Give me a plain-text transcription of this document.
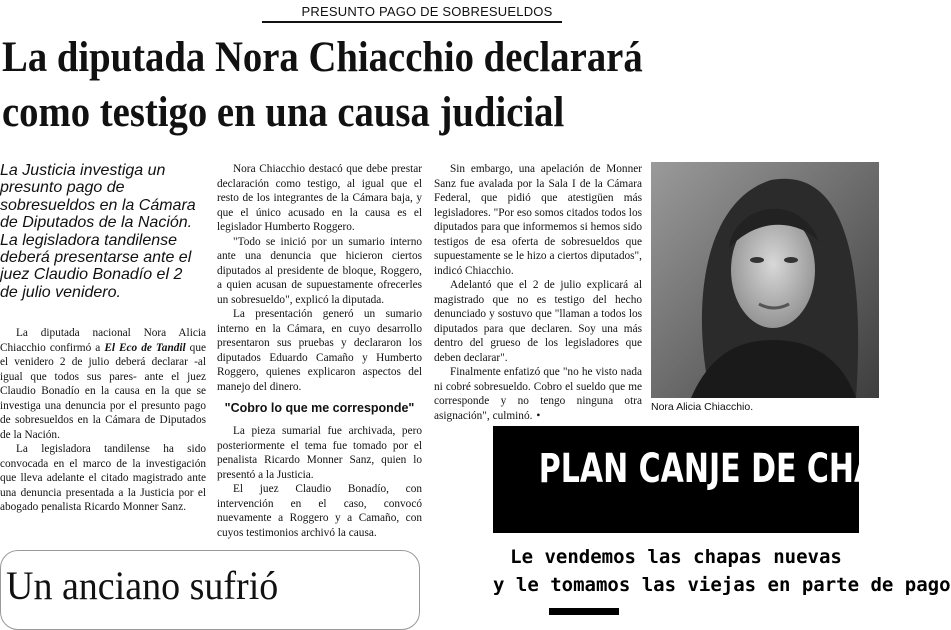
PRESUNTO PAGO DE SOBRESUELDOS
La diputada Nora Chiacchio declarará
como testigo en una causa judicial
La Justicia investiga un presunto pago de sobresueldos en la Cámara de Diputados de la Nación. La legisladora tandilense deberá presentarse ante el juez Claudio Bonadío el 2 de julio venidero.

La diputada nacional Nora Alicia Chiacchio confirmó a El Eco de Tandil que el venidero 2 de julio deberá declarar -al igual que todos sus pares- ante el juez Claudio Bonadío en la causa en la que se investiga una denuncia por el presunto pago de sobresueldos en la Cámara de Diputados de la Nación.

La legisladora tandilense ha sido convocada en el marco de la investigación que lleva adelante el citado magistrado ante una denuncia presentada a la Justicia por el abogado penalista Ricardo Monner Sanz.

Nora Chiacchio destacó que debe prestar declaración como testigo, al igual que el resto de los integrantes de la Cámara baja, y que el único acusado en la causa es el legislador Humberto Roggero.

"Todo se inició por un sumario interno ante una denuncia que hicieron ciertos diputados al presidente de bloque, Roggero, a quien acusan de supuestamente ofrecerles un sobresueldo", explicó la diputada.

La presentación generó un sumario interno en la Cámara, en cuyo desarrollo presentaron sus pruebas y declararon los diputados Eduardo Camaño y Humberto Roggero, quienes explicaron aspectos del manejo del dinero.

"Cobro lo que me corresponde"

La pieza sumarial fue archivada, pero posteriormente el tema fue tomado por el penalista Ricardo Monner Sanz, quien lo presentó a la Justicia.

El juez Claudio Bonadío, con intervención en el caso, convocó nuevamente a Roggero y a Camaño, con cuyos testimonios archivó la causa.

Sin embargo, una apelación de Monner Sanz fue avalada por la Sala I de la Cámara Federal, que pidió que atestigüen más legisladores. "Por eso somos citados todos los diputados para que informemos si hemos sido testigos de esa oferta de sobresueldos que supuestamente se le hizo a ciertos diputados", indicó Chiacchio.

Adelantó que el 2 de julio explicará al magistrado que no es testigo del hecho denunciado y sostuvo que "llaman a todos los diputados para que declaren. Soy una más dentro del grueso de los legisladores que deben declarar".

Finalmente enfatizó que "no he visto nada ni cobré sobresueldo. Cobro el sueldo que me corresponde y no tengo ninguna otra asignación", culminó. •

Nora Alicia Chiacchio.
PLAN CANJE DE CHAPAS
Le vendemos las chapas nuevas
y le tomamos las viejas en parte de pago
Un anciano sufrió
